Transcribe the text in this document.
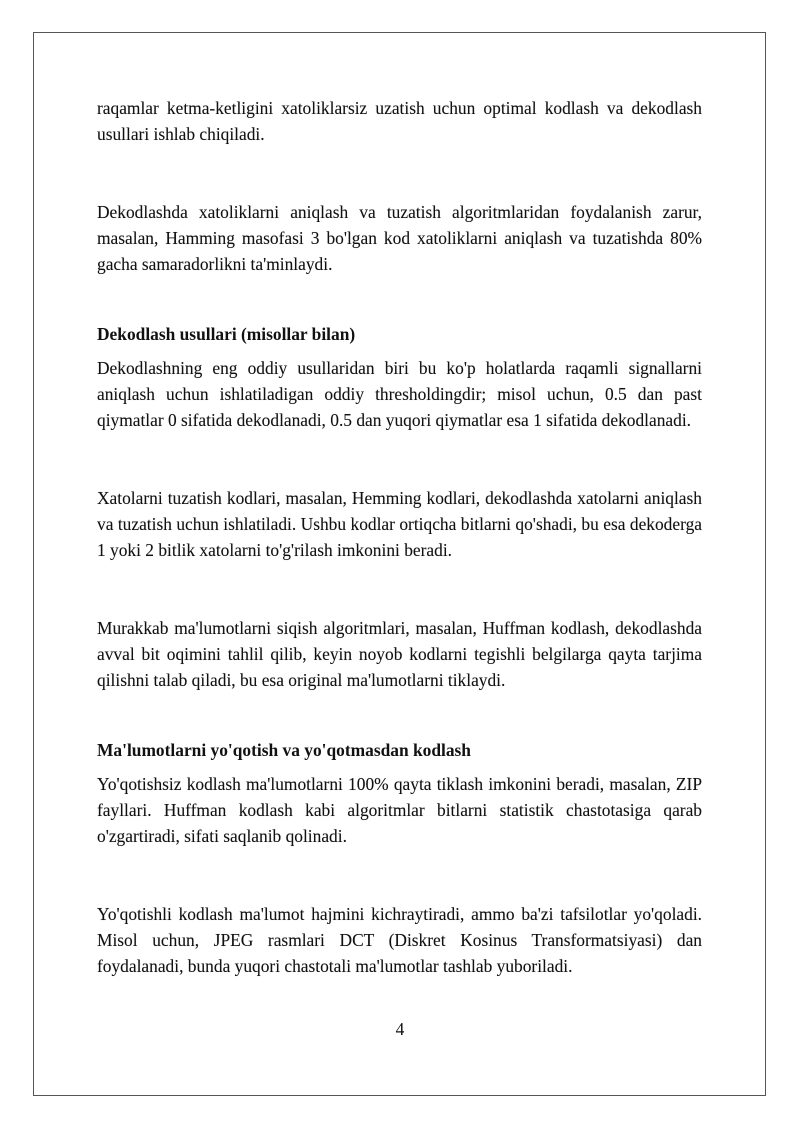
raqamlar ketma-ketligini xatoliklarsiz uzatish uchun optimal kodlash va dekodlash usullari ishlab chiqiladi.

Dekodlashda xatoliklarni aniqlash va tuzatish algoritmlaridan foydalanish zarur, masalan, Hamming masofasi 3 bo'lgan kod xatoliklarni aniqlash va tuzatishda 80% gacha samaradorlikni ta'minlaydi.

Dekodlash usullari (misollar bilan)

Dekodlashning eng oddiy usullaridan biri bu ko'p holatlarda raqamli signallarni aniqlash uchun ishlatiladigan oddiy thresholdingdir; misol uchun, 0.5 dan past qiymatlar 0 sifatida dekodlanadi, 0.5 dan yuqori qiymatlar esa 1 sifatida dekodlanadi.

Xatolarni tuzatish kodlari, masalan, Hemming kodlari, dekodlashda xatolarni aniqlash va tuzatish uchun ishlatiladi. Ushbu kodlar ortiqcha bitlarni qo'shadi, bu esa dekoderga 1 yoki 2 bitlik xatolarni to'g'rilash imkonini beradi.

Murakkab ma'lumotlarni siqish algoritmlari, masalan, Huffman kodlash, dekodlashda avval bit oqimini tahlil qilib, keyin noyob kodlarni tegishli belgilarga qayta tarjima qilishni talab qiladi, bu esa original ma'lumotlarni tiklaydi.

Ma'lumotlarni yo'qotish va yo'qotmasdan kodlash

Yo'qotishsiz kodlash ma'lumotlarni 100% qayta tiklash imkonini beradi, masalan, ZIP fayllari. Huffman kodlash kabi algoritmlar bitlarni statistik chastotasiga qarab o'zgartiradi, sifati saqlanib qolinadi.

Yo'qotishli kodlash ma'lumot hajmini kichraytiradi, ammo ba'zi tafsilotlar yo'qoladi. Misol uchun, JPEG rasmlari DCT (Diskret Kosinus Transformatsiyasi) dan foydalanadi, bunda yuqori chastotali ma'lumotlar tashlab yuboriladi.

4
